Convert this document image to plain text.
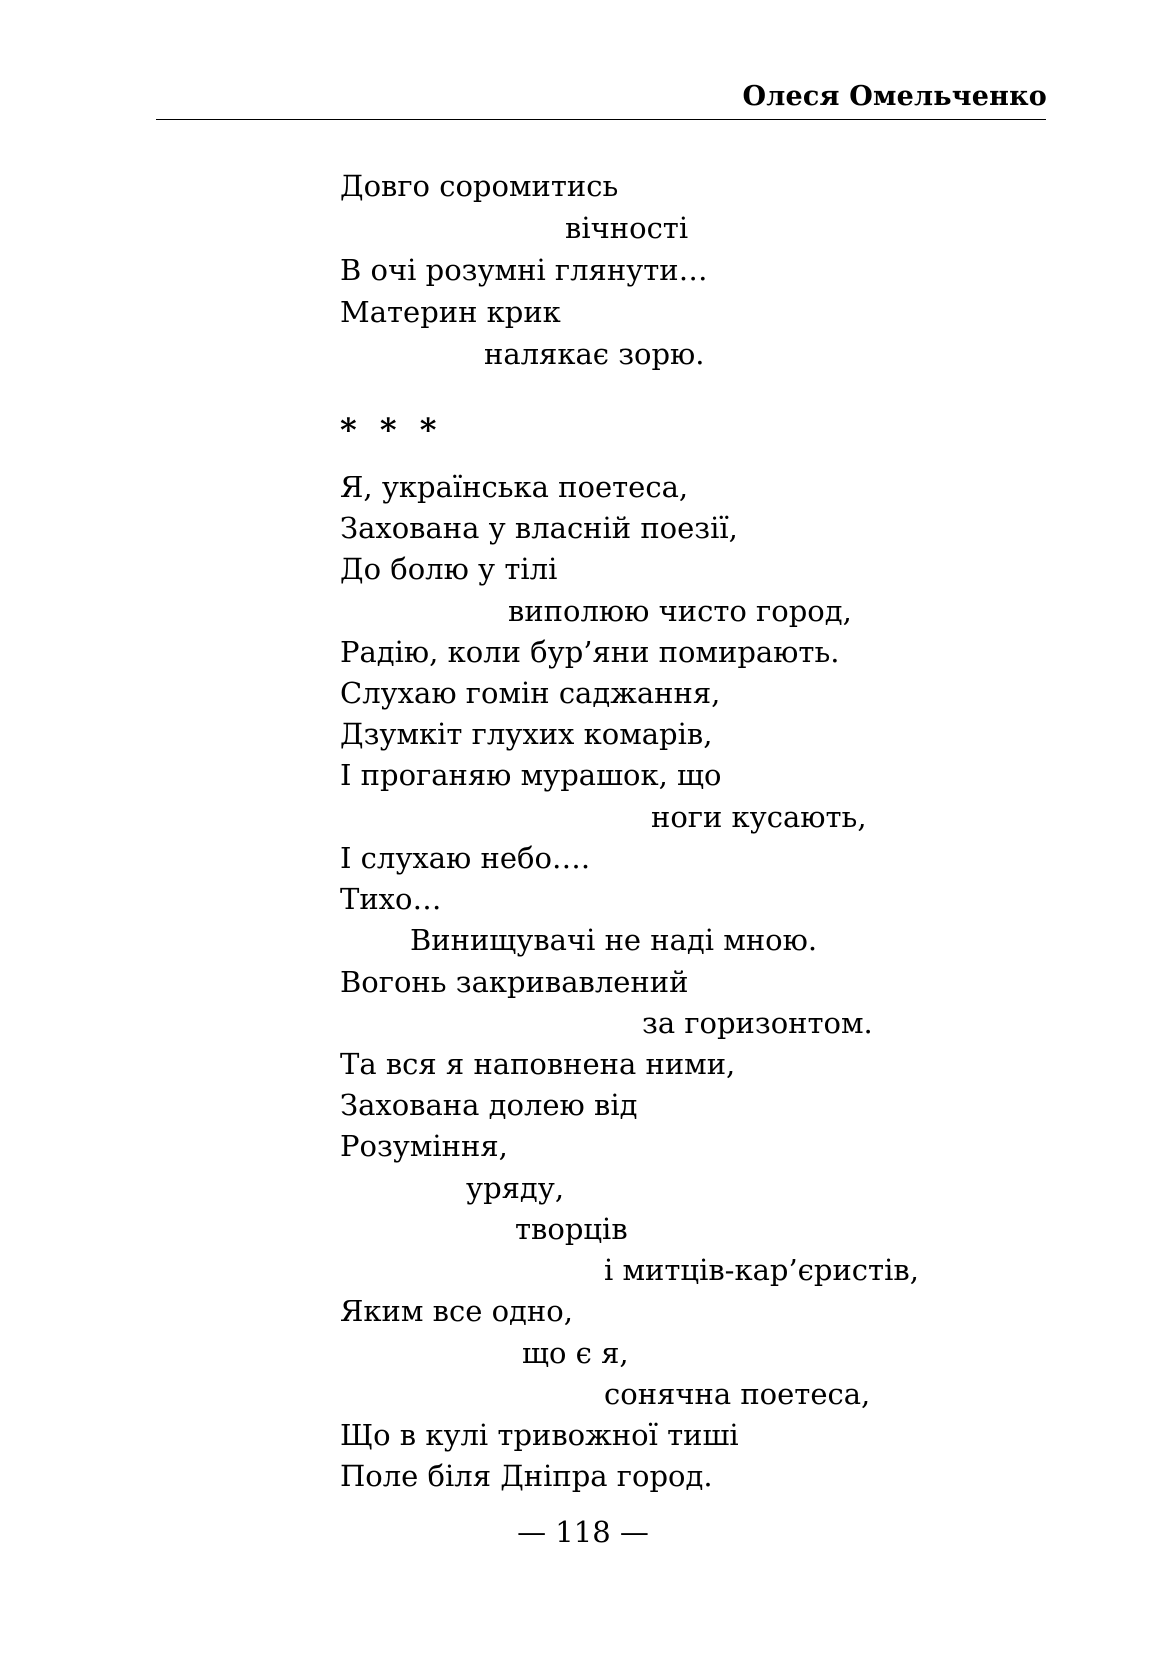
Олеся Омельченко

Довго соромитись

вічності

В очі розумні глянути…

Материн крик

налякає зорю.

* * *

Я, українська поетеса,

Захована у власній поезії,

До болю у тілі

виполюю чисто город,

Радію, коли бур’яни помирають.

Слухаю гомін саджання,

Дзумкіт глухих комарів,

І проганяю мурашок, що

ноги кусають,

І слухаю небо….

Тихо…

Винищувачі не наді мною.

Вогонь закривавлений

за горизонтом.

Та вся я наповнена ними,

Захована долею від

Розуміння,

уряду,

творців

і митців-кар’єристів,

Яким все одно,

що є я,

сонячна поетеса,

Що в кулі тривожної тиші

Поле біля Дніпра город.

— 118 —
